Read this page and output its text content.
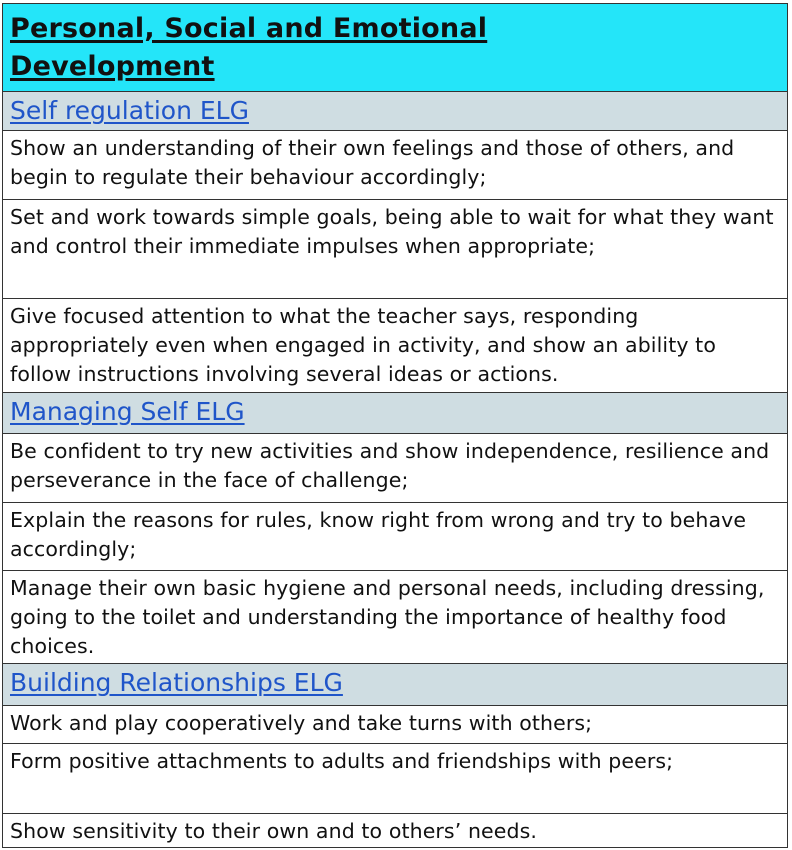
Personal, Social and Emotional
Development
Self regulation ELG
Show an understanding of their own feelings and those of others, and begin to regulate their behaviour accordingly;
Set and work towards simple goals, being able to wait for what they want and control their immediate impulses when appropriate;
Give focused attention to what the teacher says, responding appropriately even when engaged in activity, and show an ability to follow instructions involving several ideas or actions.
Managing Self ELG
Be confident to try new activities and show independence, resilience and perseverance in the face of challenge;
Explain the reasons for rules, know right from wrong and try to behave accordingly;
Manage their own basic hygiene and personal needs, including dressing, going to the toilet and understanding the importance of healthy food choices.
Building Relationships ELG
Work and play cooperatively and take turns with others;
Form positive attachments to adults and friendships with peers;
Show sensitivity to their own and to others’ needs.
